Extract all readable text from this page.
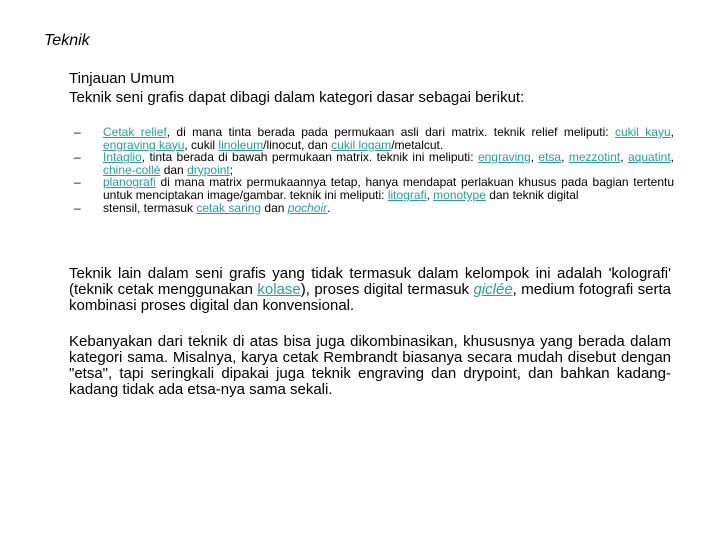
Teknik
Tinjauan Umum
Teknik seni grafis dapat dibagi dalam kategori dasar sebagai berikut:
– Cetak relief, di mana tinta berada pada permukaan asli dari matrix. teknik relief meliputi: cukil kayu, engraving kayu, cukil linoleum/linocut, dan cukil logam/metalcut.
– Intaglio, tinta berada di bawah permukaan matrix. teknik ini meliputi: engraving, etsa, mezzotint, aquatint, chine-collé dan drypoint;
– planografi di mana matrix permukaannya tetap, hanya mendapat perlakuan khusus pada bagian tertentu untuk menciptakan image/gambar. teknik ini meliputi: litografi, monotype dan teknik digital
– stensil, termasuk cetak saring dan pochoir.
Teknik lain dalam seni grafis yang tidak termasuk dalam kelompok ini adalah 'kolografi' (teknik cetak menggunakan kolase), proses digital termasuk giclée, medium fotografi serta kombinasi proses digital dan konvensional.
Kebanyakan dari teknik di atas bisa juga dikombinasikan, khususnya yang berada dalam kategori sama. Misalnya, karya cetak Rembrandt biasanya secara mudah disebut dengan "etsa", tapi seringkali dipakai juga teknik engraving dan drypoint, dan bahkan kadang-kadang tidak ada etsa-nya sama sekali.
